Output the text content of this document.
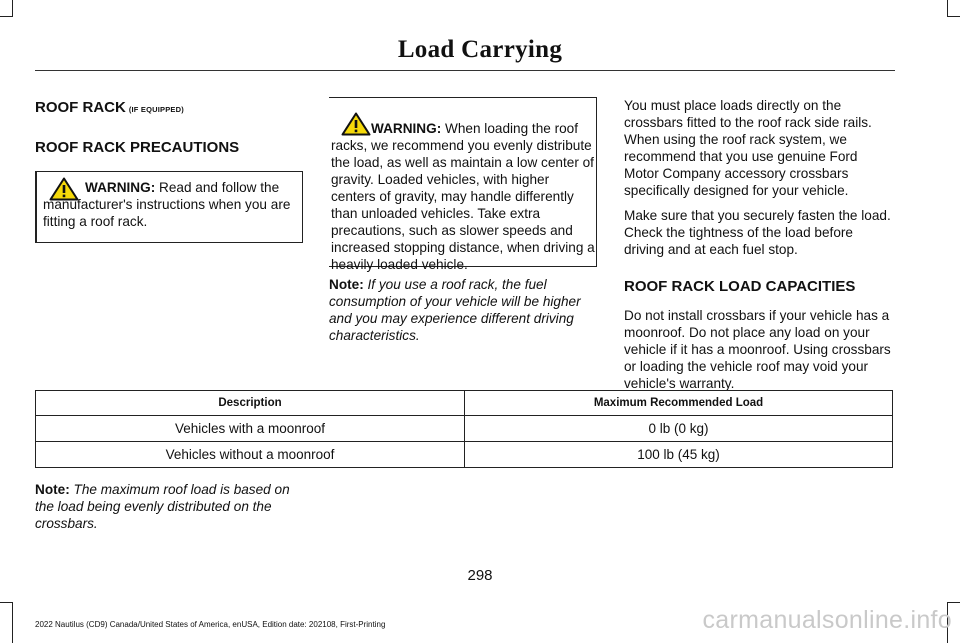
Load Carrying
ROOF RACK (IF EQUIPPED)
ROOF RACK PRECAUTIONS

WARNING: Read and follow the manufacturer's instructions when you are fitting a roof rack.

WARNING: When loading the roof racks, we recommend you evenly distribute the load, as well as maintain a low center of gravity. Loaded vehicles, with higher centers of gravity, may handle differently than unloaded vehicles. Take extra precautions, such as slower speeds and increased stopping distance, when driving a heavily loaded vehicle.

Note: If you use a roof rack, the fuel consumption of your vehicle will be higher and you may experience different driving characteristics.

You must place loads directly on the crossbars fitted to the roof rack side rails. When using the roof rack system, we recommend that you use genuine Ford Motor Company accessory crossbars specifically designed for your vehicle.

Make sure that you securely fasten the load. Check the tightness of the load before driving and at each fuel stop.

ROOF RACK LOAD CAPACITIES

Do not install crossbars if your vehicle has a moonroof. Do not place any load on your vehicle if it has a moonroof. Using crossbars or loading the vehicle roof may void your vehicle's warranty.

Description	Maximum Recommended Load
Vehicles with a moonroof	0 lb (0 kg)
Vehicles without a moonroof	100 lb (45 kg)
Note: The maximum roof load is based on the load being evenly distributed on the crossbars.
298
2022 Nautilus (CD9) Canada/United States of America, enUSA, Edition date: 202108, First-Printing	carmanualsonline.info
